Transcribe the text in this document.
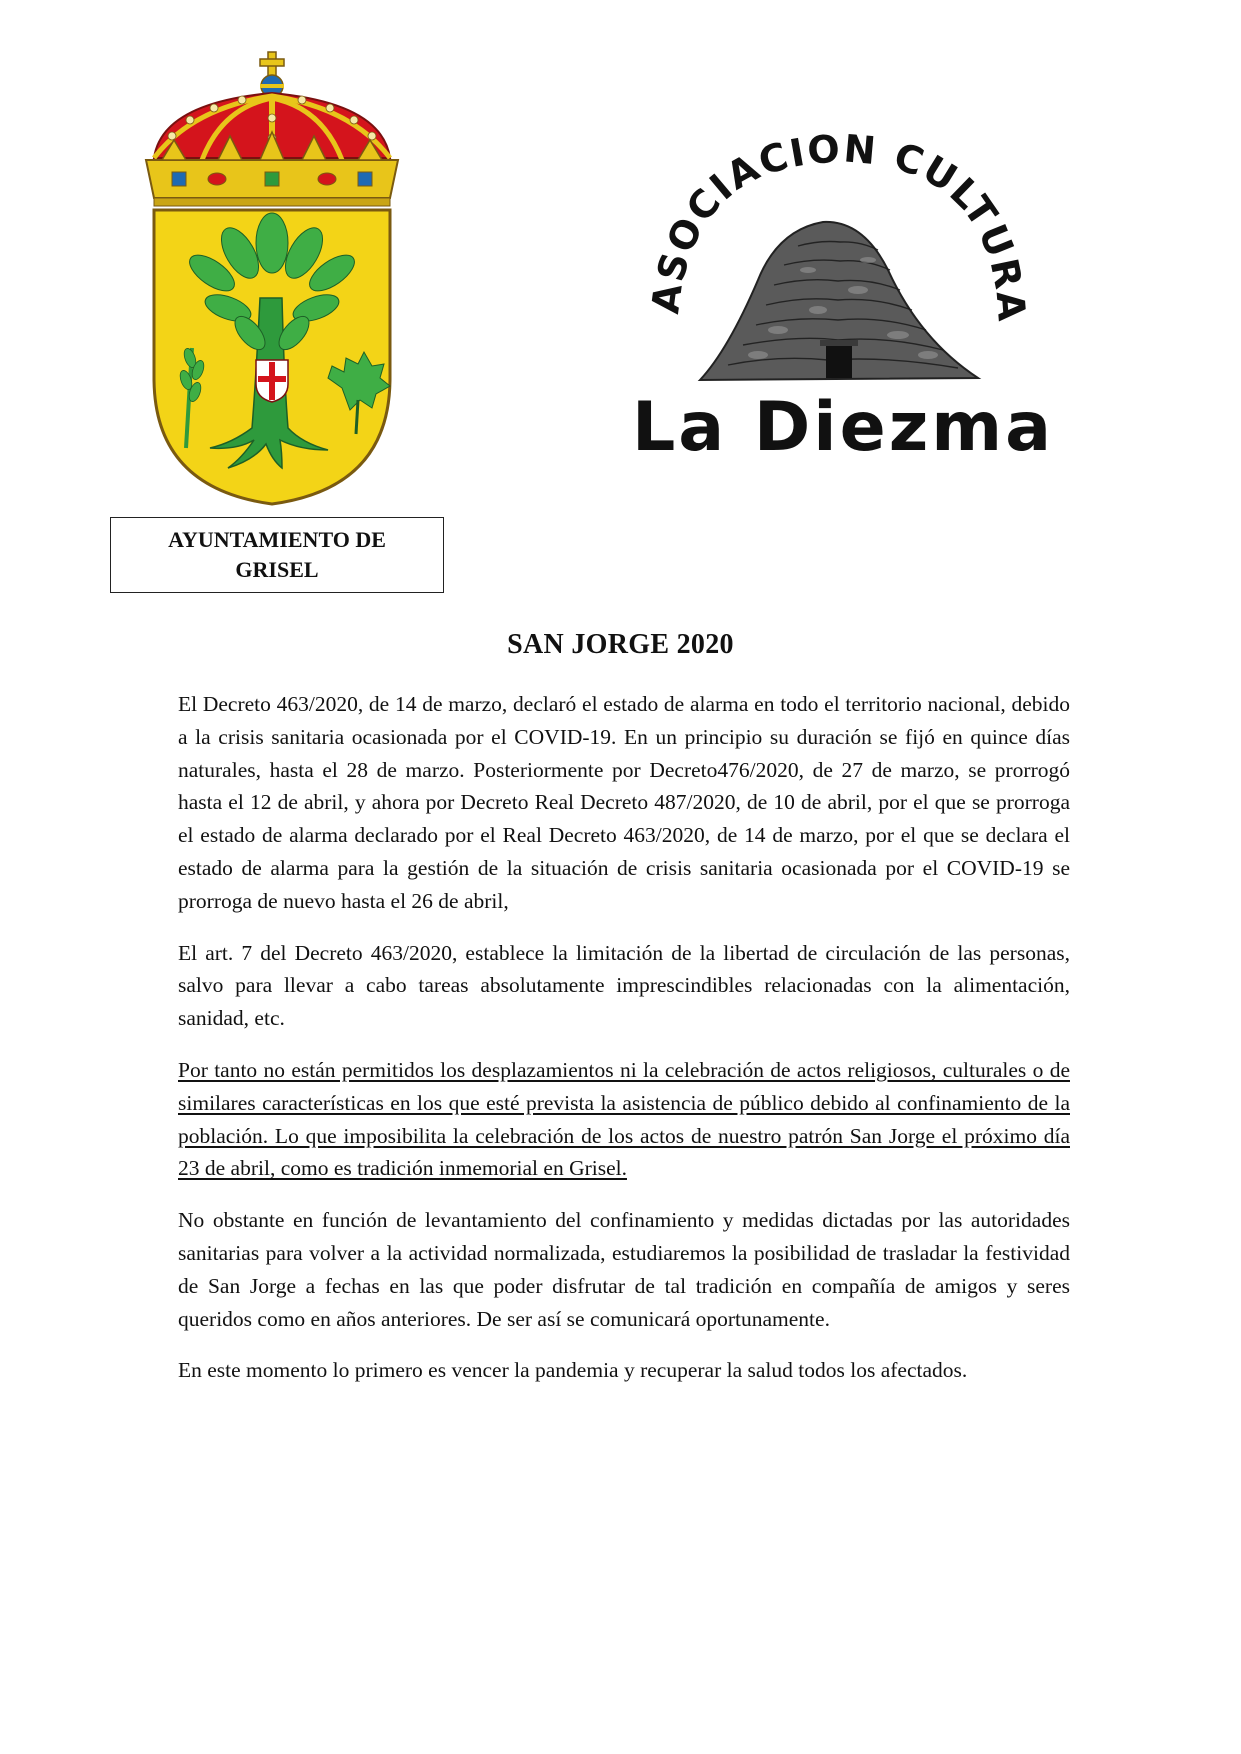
AYUNTAMIENTO DE
GRISEL
ASOCIACION CULTURAL
La Diezma
SAN JORGE 2020

El Decreto 463/2020, de 14 de marzo, declaró el estado de alarma en todo el territorio nacional, debido a la crisis sanitaria ocasionada por el COVID-19. En un principio su duración se fijó en quince días naturales, hasta el 28 de marzo. Posteriormente por Decreto476/2020, de 27 de marzo, se prorrogó hasta el 12 de abril, y ahora por Decreto Real Decreto 487/2020, de 10 de abril, por el que se prorroga el estado de alarma declarado por el Real Decreto 463/2020, de 14 de marzo, por el que se declara el estado de alarma para la gestión de la situación de crisis sanitaria ocasionada por el COVID-19 se prorroga de nuevo hasta el 26 de abril,

El art. 7 del Decreto 463/2020, establece la limitación de la libertad de circulación de las personas, salvo para llevar a cabo tareas absolutamente imprescindibles relacionadas con la alimentación, sanidad, etc.

Por tanto no están permitidos los desplazamientos ni la celebración de actos religiosos, culturales o de similares características en los que esté prevista la asistencia de público debido al confinamiento de la población. Lo que imposibilita la celebración de los actos de nuestro patrón San Jorge el próximo día 23 de abril, como es tradición inmemorial en Grisel.

No obstante en función de levantamiento del confinamiento y medidas dictadas por las autoridades sanitarias para volver a la actividad normalizada, estudiaremos la posibilidad de trasladar la festividad de San Jorge a fechas en las que poder disfrutar de tal tradición en compañía de amigos y seres queridos como en años anteriores. De ser así se comunicará oportunamente.

En este momento lo primero es vencer la pandemia y recuperar la salud todos los afectados.
